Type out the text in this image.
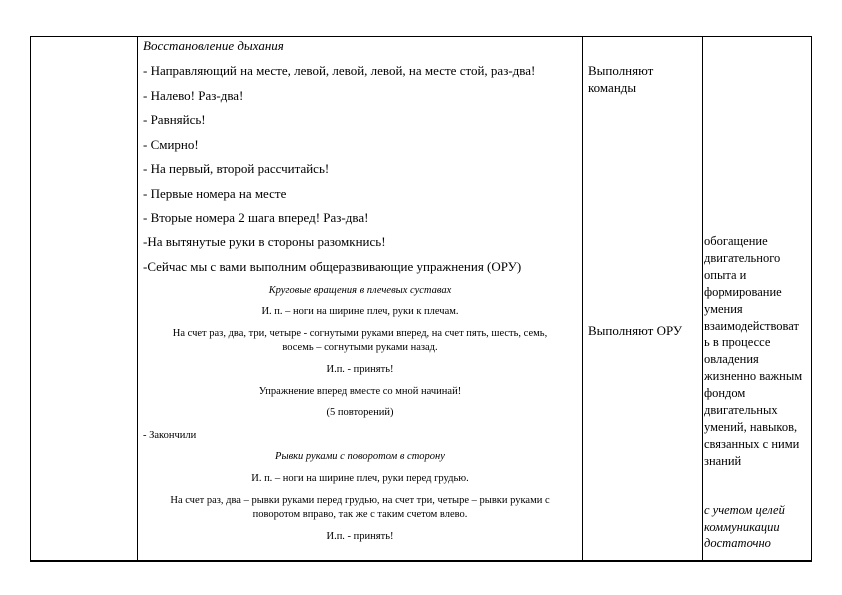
Восстановление дыхания
- Направляющий на месте, левой, левой, левой, на месте стой, раз-два!
- Налево! Раз-два!
- Равняйсь!
- Смирно!
- На первый, второй рассчитайсь!
- Первые номера на месте
- Вторые номера 2 шага вперед! Раз-два!
-На вытянутые руки в стороны разомкнись!
-Сейчас мы с вами выполним общеразвивающие упражнения (ОРУ)
Круговые вращения в плечевых суставах
И. п. – ноги на ширине плеч, руки к плечам.
На счет раз, два, три, четыре - согнутыми руками вперед, на счет пять, шесть, семь,
восемь – согнутыми руками назад.
И.п. - принять!
Упражнение вперед вместе со мной начинай!
(5 повторений)
- Закончили
Рывки руками с поворотом в сторону
И. п. – ноги на ширине плеч, руки перед грудью.
На счет раз, два – рывки руками перед грудью, на счет три, четыре – рывки руками с
поворотом вправо, так же с таким счетом влево.
И.п. - принять!
Выполняют
команды
Выполняют ОРУ
обогащение
двигательного
опыта и
формирование
умения
взаимодействоват
ь в процессе
овладения
жизненно важным
фондом
двигательных
умений, навыков,
связанных с ними
знаний
с учетом целей
коммуникации
достаточно
